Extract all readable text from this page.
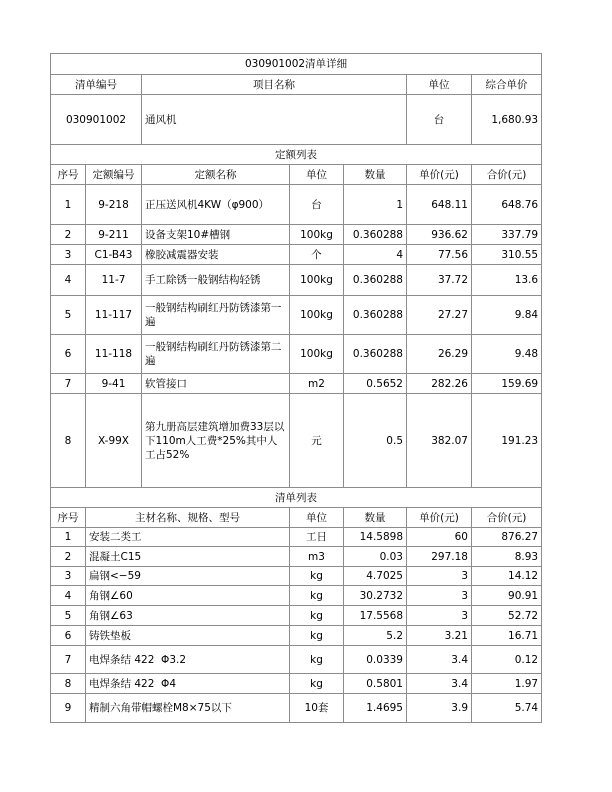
030901002清单详细						
清单编号		项目名称			单位	综合单价
030901002		通风机			台	1,680.93
定额列表						
序号	定额编号	定额名称	单位	数量	单价(元)	合价(元)
1	9-218	正压送风机4KW（φ900）	台	1	648.11	648.76
2	9-211	设备支架10#槽钢	100kg	0.360288	936.62	337.79
3	C1-B43	橡胶减震器安装	个	4	77.56	310.55
4	11-7	手工除锈一般钢结构轻锈	100kg	0.360288	37.72	13.6
5	11-117	一般钢结构刷红丹防锈漆第一遍	100kg	0.360288	27.27	9.84
6	11-118	一般钢结构刷红丹防锈漆第二遍	100kg	0.360288	26.29	9.48
7	9-41	软管接口	m2	0.5652	282.26	159.69
8	X-99X	第九册高层建筑增加费33层以下110m人工费*25%其中人工占52%	元	0.5	382.07	191.23
清单列表						
序号	主材名称、规格、型号		单位	数量	单价(元)	合价(元)
1	安装二类工		工日	14.5898	60	876.27
2	混凝土C15		m3	0.03	297.18	8.93
3	扁钢<−59		kg	4.7025	3	14.12
4	角钢∠60		kg	30.2732	3	90.91
5	角钢∠63		kg	17.5568	3	52.72
6	铸铁垫板		kg	5.2	3.21	16.71
7	电焊条结 422  Φ3.2		kg	0.0339	3.4	0.12
8	电焊条结 422  Φ4		kg	0.5801	3.4	1.97
9	精制六角带帽螺栓M8×75以下		10套	1.4695	3.9	5.74
